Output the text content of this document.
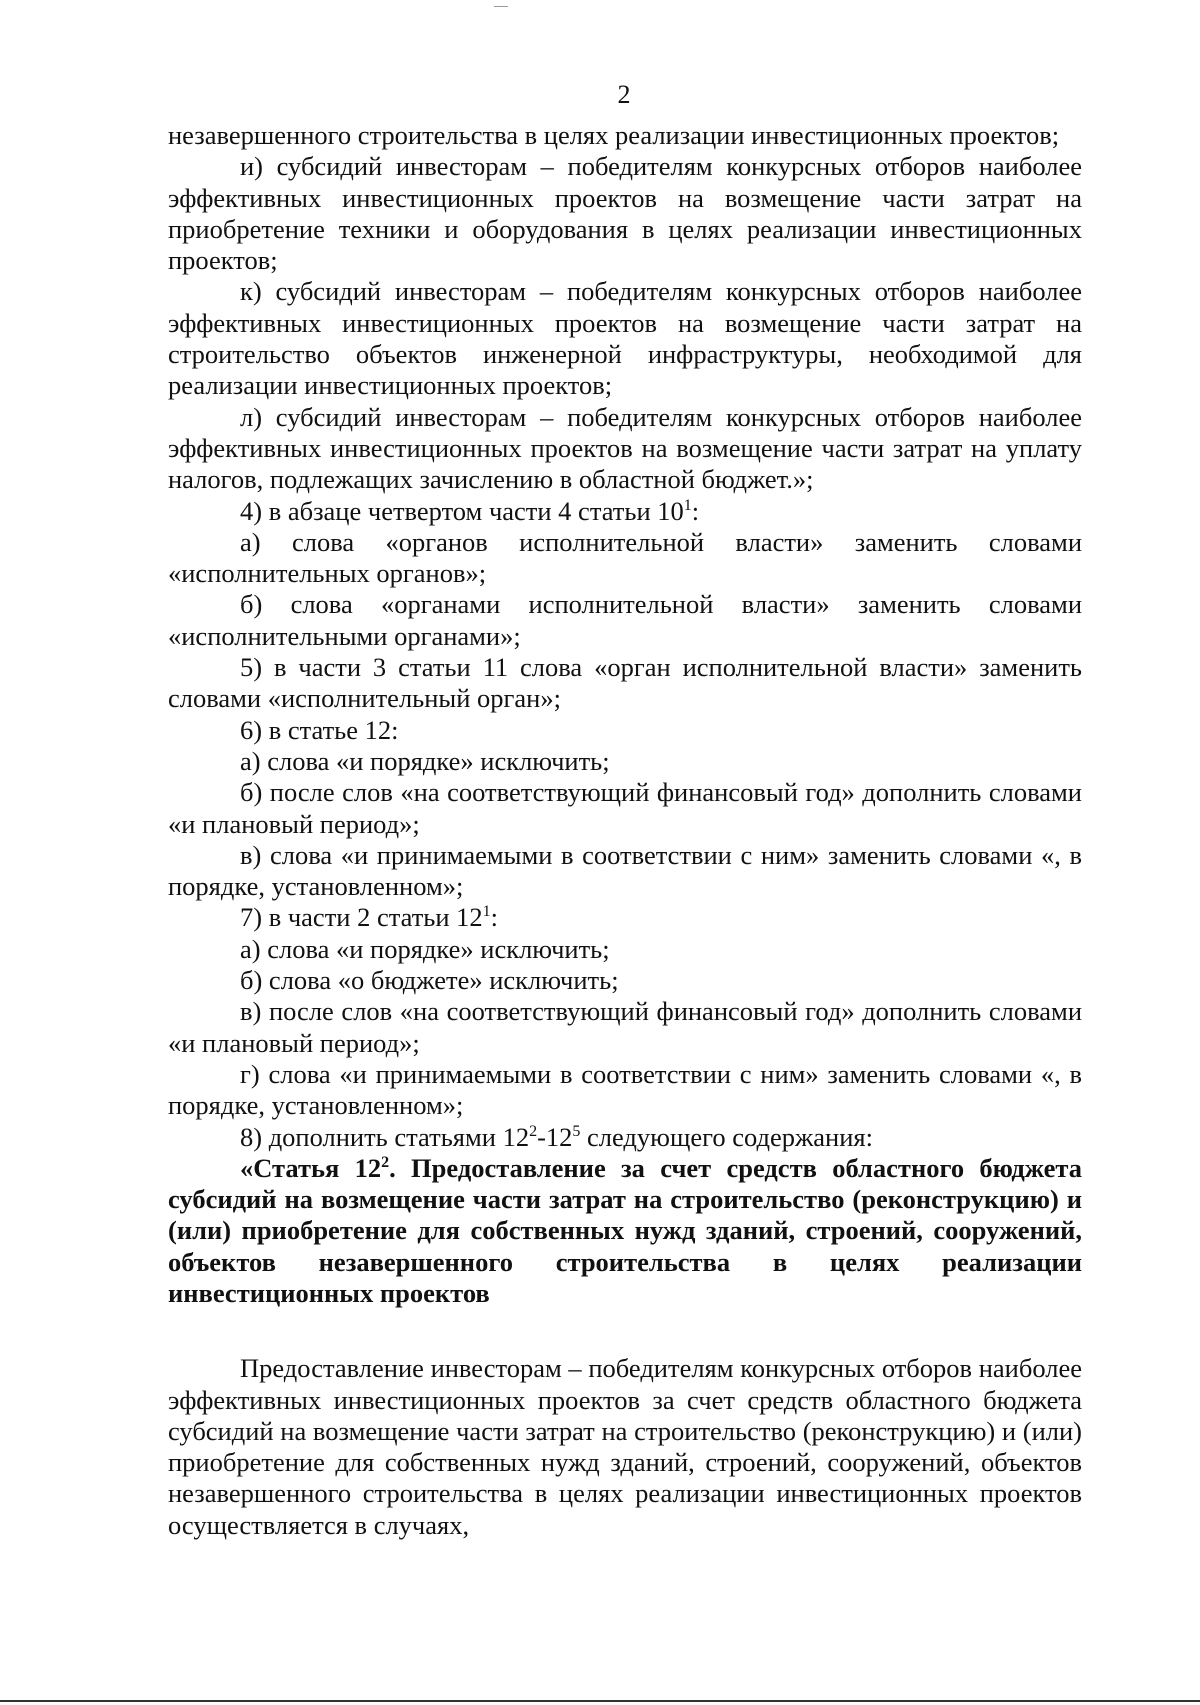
2

незавершенного строительства в целях реализации инвестиционных проектов;

и) субсидий инвесторам – победителям конкурсных отборов наиболее эффективных инвестиционных проектов на возмещение части затрат на приобретение техники и оборудования в целях реализации инвестиционных проектов;

к) субсидий инвесторам – победителям конкурсных отборов наиболее эффективных инвестиционных проектов на возмещение части затрат на строительство объектов инженерной инфраструктуры, необходимой для реализации инвестиционных проектов;

л) субсидий инвесторам – победителям конкурсных отборов наиболее эффективных инвестиционных проектов на возмещение части затрат на уплату налогов, подлежащих зачислению в областной бюджет.»;

4) в абзаце четвертом части 4 статьи $10^1$:

а) слова «органов исполнительной власти» заменить словами «исполнительных органов»;

б) слова «органами исполнительной власти» заменить словами «исполнительными органами»;

5) в части 3 статьи 11 слова «орган исполнительной власти» заменить словами «исполнительный орган»;

6) в статье 12:

а) слова «и порядке» исключить;

б) после слов «на соответствующий финансовый год» дополнить словами «и плановый период»;

в) слова «и принимаемыми в соответствии с ним» заменить словами «, в порядке, установленном»;

7) в части 2 статьи $12^1$:

а) слова «и порядке» исключить;

б) слова «о бюджете» исключить;

в) после слов «на соответствующий финансовый год» дополнить словами «и плановый период»;

г) слова «и принимаемыми в соответствии с ним» заменить словами «, в порядке, установленном»;

8) дополнить статьями $12^2-12^5$ следующего содержания:

«Статья $12^2$. Предоставление за счет средств областного бюджета субсидий на возмещение части затрат на строительство (реконструкцию) и (или) приобретение для собственных нужд зданий, строений, сооружений, объектов незавершенного строительства в целях реализации инвестиционных проектов

Предоставление инвесторам – победителям конкурсных отборов наиболее эффективных инвестиционных проектов за счет средств областного бюджета субсидий на возмещение части затрат на строительство (реконструкцию) и (или) приобретение для собственных нужд зданий, строений, сооружений, объектов незавершенного строительства в целях реализации инвестиционных проектов осуществляется в случаях,
